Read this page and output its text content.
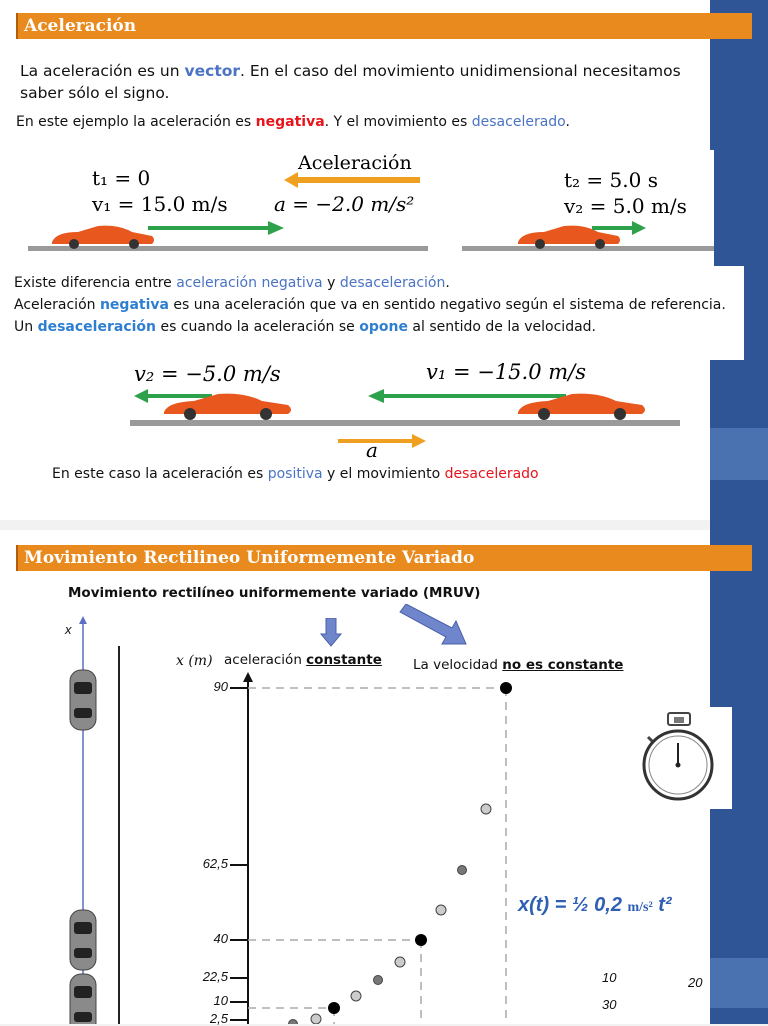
Aceleración
La aceleración es un vector. En el caso del movimiento unidimensional necesitamos saber sólo el signo.
En este ejemplo la aceleración es negativa. Y el movimiento es desacelerado.
t₁ = 0
v₁ = 15.0 m/s
Aceleración
a = −2.0 m/s²
t₂ = 5.0 s
v₂ = 5.0 m/s
Existe diferencia entre aceleración negativa y desaceleración.
Aceleración negativa es una aceleración que va en sentido negativo según el sistema de referencia.
Un desaceleración es cuando la aceleración se opone al sentido de la velocidad.
v₂ = −5.0 m/s	v₁ = −15.0 m/s
a
En este caso la aceleración es positiva y el movimiento desacelerado
Movimiento Rectilineo Uniformemente Variado
Movimiento rectilíneo uniformemente variado (MRUV)
x
x (m) aceleración constante La velocidad no es constante
90
62,5
40
22,5
10
2,5
x(t) = ½ 0,2 m/s² t²
10	20
30
